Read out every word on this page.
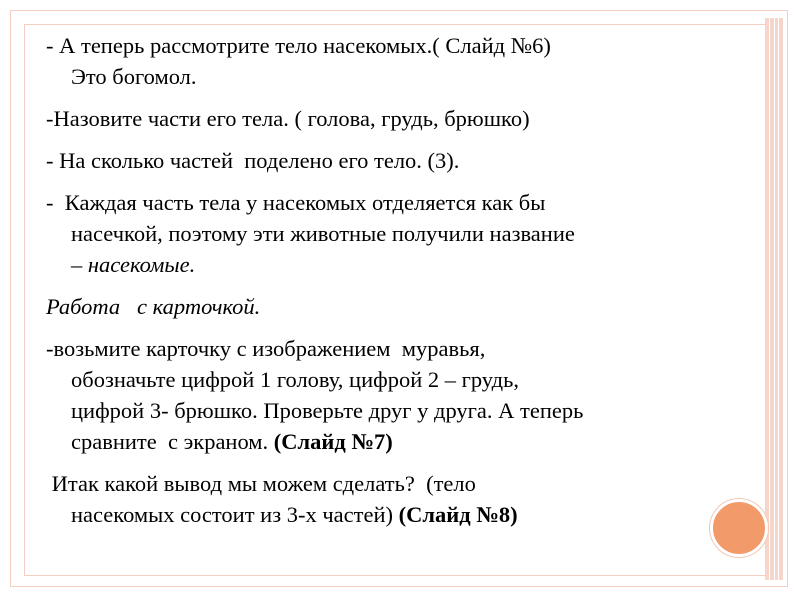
- А теперь рассмотрите тело насекомых.( Слайд №6)
Это богомол.
-Назовите части его тела. ( голова, грудь, брюшко)
- На сколько частей  поделено его тело. (3).
-  Каждая часть тела у насекомых отделяется как бы
насечкой, поэтому эти животные получили название
– насекомые.
Работа   с карточкой.
-возьмите карточку с изображением  муравья,
обозначьте цифрой 1 голову, цифрой 2 – грудь,
цифрой 3- брюшко. Проверьте друг у друга. А теперь
сравните  с экраном. (Слайд №7)
Итак какой вывод мы можем сделать?  (тело
насекомых состоит из 3-х частей) (Слайд №8)
